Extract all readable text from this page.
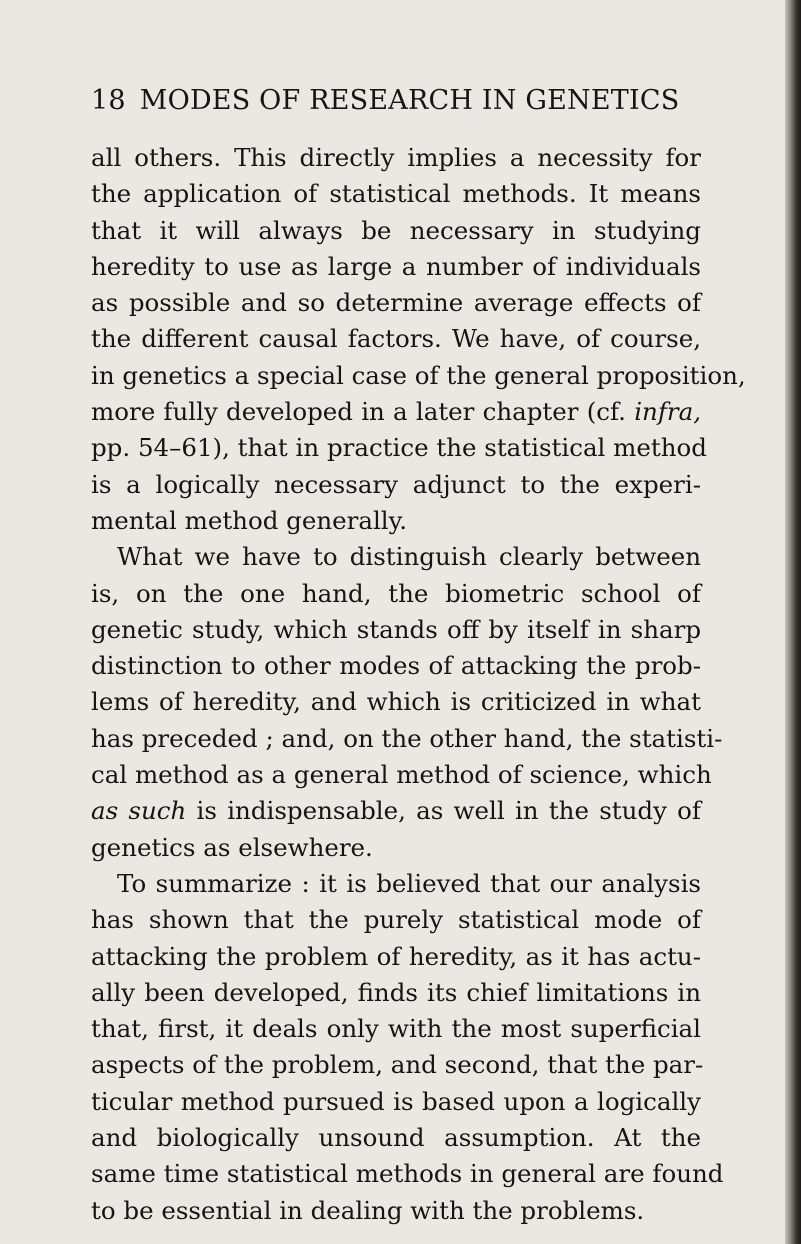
18 MODES OF RESEARCH IN GENETICS
all others. This directly implies a necessity for
the application of statistical methods. It means
that it will always be necessary in studying
heredity to use as large a number of individuals
as possible and so determine average effects of
the different causal factors. We have, of course,
in genetics a special case of the general proposition,
more fully developed in a later chapter (cf. infra,
pp. 54–61), that in practice the statistical method
is a logically necessary adjunct to the experi-
mental method generally.
What we have to distinguish clearly between
is, on the one hand, the biometric school of
genetic study, which stands off by itself in sharp
distinction to other modes of attacking the prob-
lems of heredity, and which is criticized in what
has preceded ; and, on the other hand, the statisti-
cal method as a general method of science, which
as such is indispensable, as well in the study of
genetics as elsewhere.
To summarize : it is believed that our analysis
has shown that the purely statistical mode of
attacking the problem of heredity, as it has actu-
ally been developed, finds its chief limitations in
that, first, it deals only with the most superficial
aspects of the problem, and second, that the par-
ticular method pursued is based upon a logically
and biologically unsound assumption. At the
same time statistical methods in general are found
to be essential in dealing with the problems.
